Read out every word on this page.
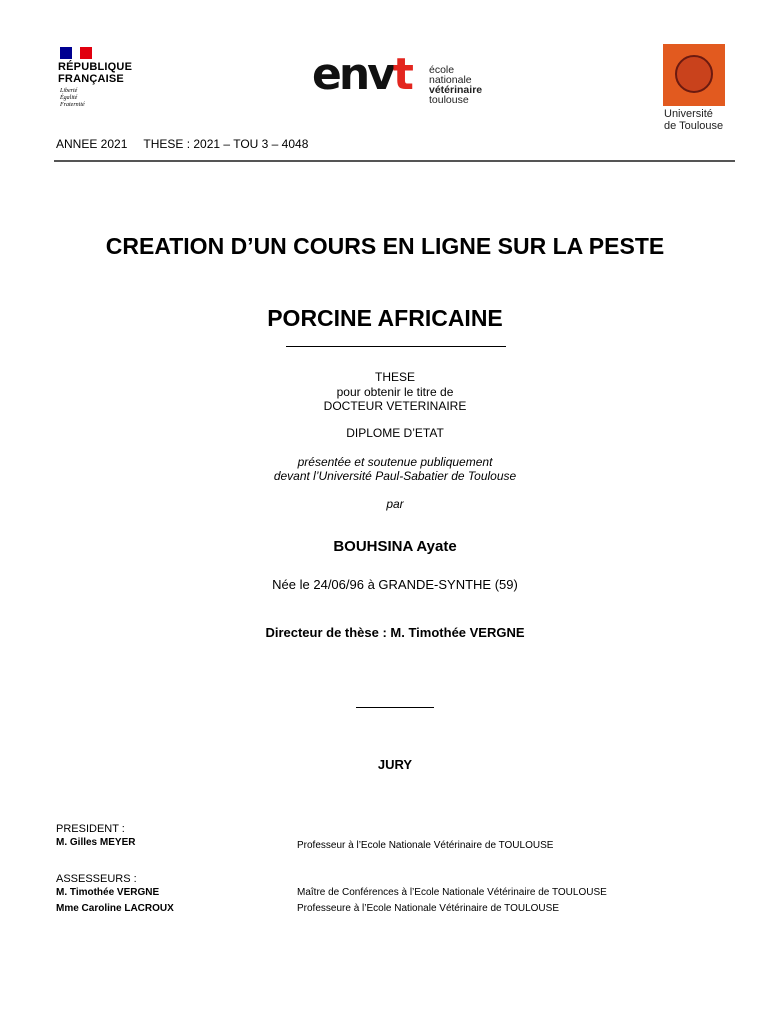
RÉPUBLIQUE
FRANÇAISE
Liberté
Égalité
Fraternité
envt école
nationale
vétérinaire
toulouse
Université
de Toulouse
ANNEE 2021 THESE : 2021 – TOU 3 – 4048
CREATION D’UN COURS EN LIGNE SUR LA PESTE
PORCINE AFRICAINE
THESE
pour obtenir le titre de
DOCTEUR VETERINAIRE
DIPLOME D’ETAT
présentée et soutenue publiquement
devant l’Université Paul-Sabatier de Toulouse
par
BOUHSINA Ayate
Née le 24/06/96 à GRANDE-SYNTHE (59)
Directeur de thèse : M. Timothée VERGNE
JURY
PRESIDENT :
M. Gilles MEYER	Professeur à l’Ecole Nationale Vétérinaire de TOULOUSE
ASSESSEURS :
M. Timothée VERGNE	Maître de Conférences à l’Ecole Nationale Vétérinaire de TOULOUSE
Mme Caroline LACROUX	Professeure à l’Ecole Nationale Vétérinaire de TOULOUSE
